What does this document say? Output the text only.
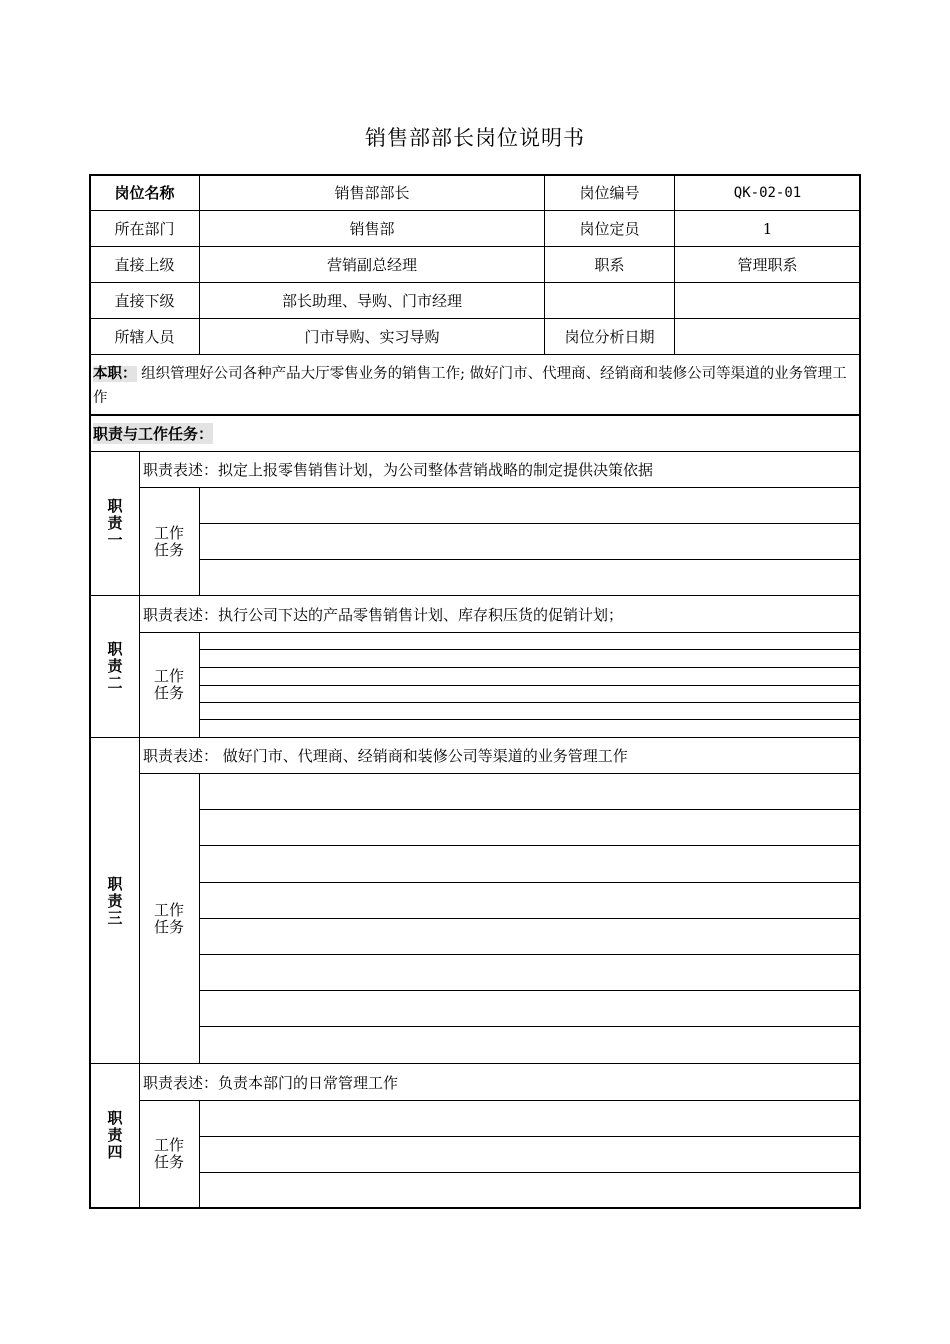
销售部部长岗位说明书
岗位名称	销售部部长	岗位编号	QK-02-01
所在部门	销售部	岗位定员	1
直接上级	营销副总经理	职系	管理职系
直接下级	部长助理、导购、门市经理
所辖人员	门市导购、实习导购	岗位分析日期
本职： 组织管理好公司各种产品大厅零售业务的销售工作; 做好门市、代理商、经销商和装修公司等渠道的业务管理工作
职责与工作任务：
职责一
职责表述：拟定上报零售销售计划，为公司整体营销战略的制定提供决策依据
工作任务
职责二
职责表述：执行公司下达的产品零售销售计划、库存积压货的促销计划；
工作任务
职责三
职责表述： 做好门市、代理商、经销商和装修公司等渠道的业务管理工作
工作任务
职责四
职责表述：负责本部门的日常管理工作
工作任务
